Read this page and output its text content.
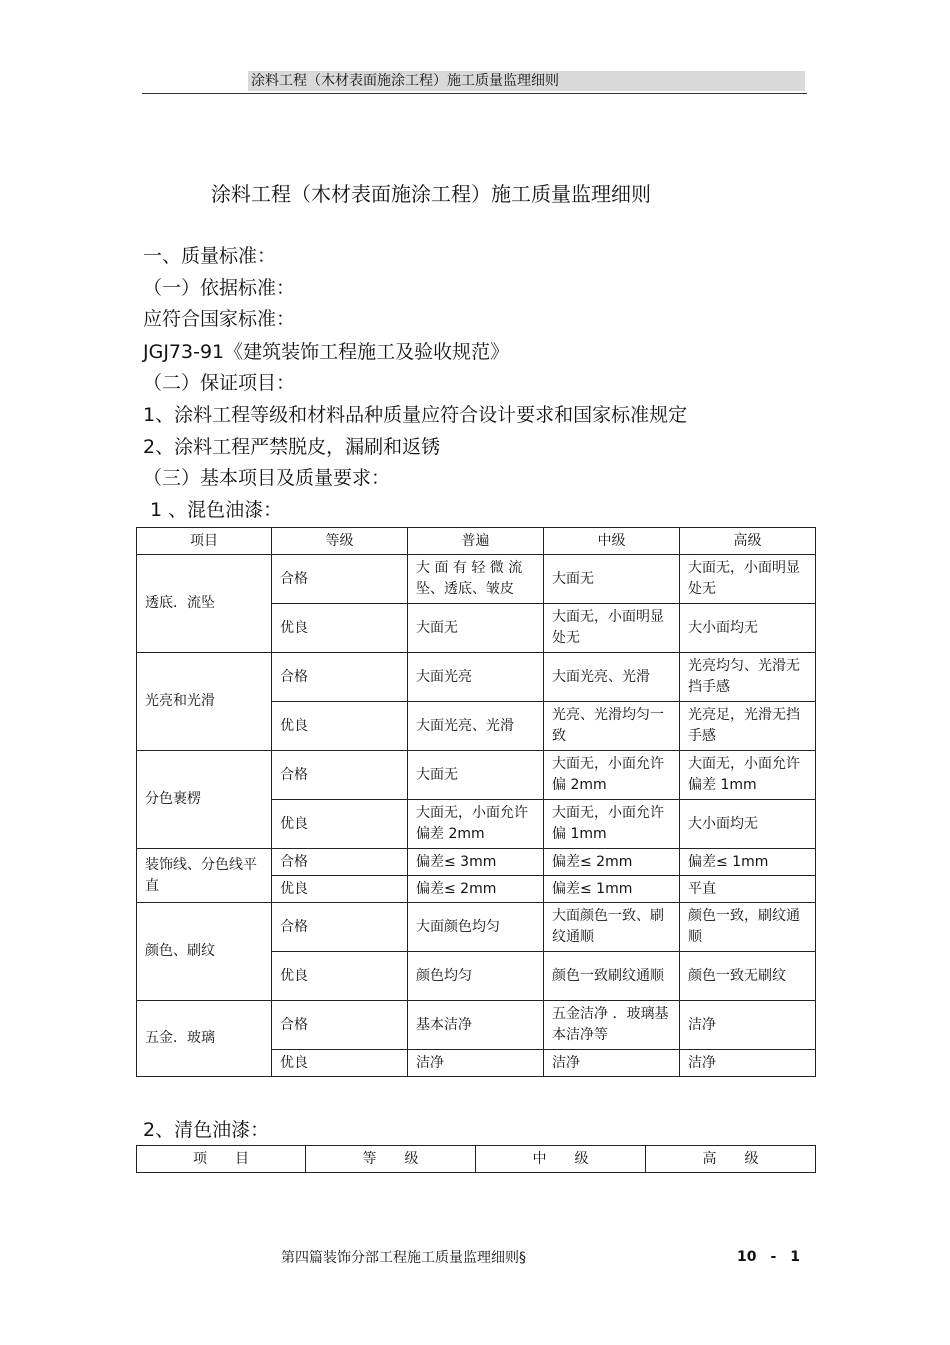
涂料工程（木材表面施涂工程）施工质量监理细则
涂料工程（木材表面施涂工程）施工质量监理细则
一、质量标准：
（一）依据标准：
应符合国家标准：
JGJ73-91《建筑装饰工程施工及验收规范》
（二）保证项目：
1、涂料工程等级和材料品种质量应符合设计要求和国家标准规定
2、涂料工程严禁脱皮，漏刷和返锈
（三）基本项目及质量要求：
1 、混色油漆：
项目	等级	普遍	中级	高级
透底．流坠	合格	大 面 有 轻 微 流坠、透底、皱皮	大面无	大面无，小面明显处无
	优良	大面无	大面无，小面明显处无	大小面均无
光亮和光滑	合格	大面光亮	大面光亮、光滑	光亮均匀、光滑无挡手感
	优良	大面光亮、光滑	光亮、光滑均匀一致	光亮足，光滑无挡手感
分色裹楞	合格	大面无	大面无，小面允许偏 2mm	大面无，小面允许偏差 1mm
	优良	大面无，小面允许偏差 2mm	大面无，小面允许偏 1mm	大小面均无
装饰线、分色线平直	合格	偏差≤ 3mm	偏差≤ 2mm	偏差≤ 1mm
	优良	偏差≤ 2mm	偏差≤ 1mm	平直
颜色、刷纹	合格	大面颜色均匀	大面颜色一致、刷纹通顺	颜色一致，刷纹通顺
	优良	颜色均匀	颜色一致刷纹通顺	颜色一致无刷纹
五金．玻璃	合格	基本洁净	五金洁净 ．玻璃基本洁净等	洁净
	优良	洁净	洁净	洁净
2、清色油漆：
项　　目	等　　级	中　　级	高　　级
第四篇装饰分部工程施工质量监理细则§	10　-　1
